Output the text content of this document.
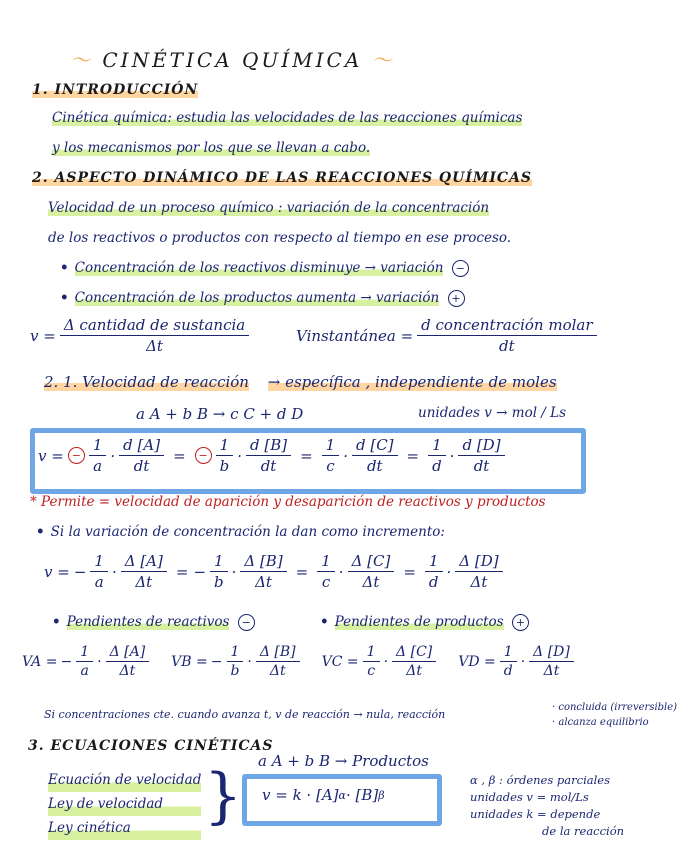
〜 CINÉTICA QUÍMICA 〜
1. INTRODUCCIÓN
Cinética química: estudia las velocidades de las reacciones químicas
y los mecanismos por los que se llevan a cabo.
2. ASPECTO DINÁMICO DE LAS REACCIONES QUÍMICAS
Velocidad de un proceso químico : variación de la concentración
de los reactivos o productos con respecto al tiempo en ese proceso.
• Concentración de los reactivos disminuye → variación −
• Concentración de los productos aumenta → variación +
$v = \frac{\text{Δ cantidad de sustancia}}{\Delta t}$	Vinstantánea = $\frac{\text{d concentración molar}}{dt}$
2. 1. Velocidad de reacción → específica , independiente de moles
a A + b B → c C + d D	unidades v → mol / Ls
v = − $\frac{1}{a} \cdot \frac{d [A]}{dt}$ =	− $\frac{1}{b} \cdot \frac{d [B]}{dt} = \frac{1}{c} \cdot \frac{d [C]}{dt} = \frac{1}{d} \cdot \frac{d [D]}{dt}$
* Permite = velocidad de aparición y desaparición de reactivos y productos
• Si la variación de concentración la dan como incremento:
v = − $\frac{1}{a} \cdot \frac{\Delta [A]}{\Delta t}$ = − $\frac{1}{b} \cdot \frac{\Delta [B]}{\Delta t} = \frac{1}{c} \cdot \frac{\Delta [C]}{\Delta t} = \frac{1}{d} \cdot \frac{\Delta [D]}{\Delta t}$
• Pendientes de reactivos −	• Pendientes de productos +
VA = − $\frac{1}{a} \cdot \frac{\Delta [A]}{\Delta t}$ VB = − $\frac{1}{b} \cdot \frac{\Delta [B]}{\Delta t}$ VC = $\frac{1}{c} \cdot \frac{\Delta [C]}{\Delta t}$ VD = $\frac{1}{d} \cdot \frac{\Delta [D]}{\Delta t}$
Si concentraciones cte. cuando avanza t, v de reacción → nula, reacción
· concluida (irreversible)
· alcanza equilibrio
3. ECUACIONES CINÉTICAS
a A + b B → Productos
Ecuación de velocidad
Ley de velocidad
Ley cinética	} v = k · [A] α · [B] β
α , β : órdenes parciales
unidades v = mol/Ls
unidades k = depende
de la reacción
